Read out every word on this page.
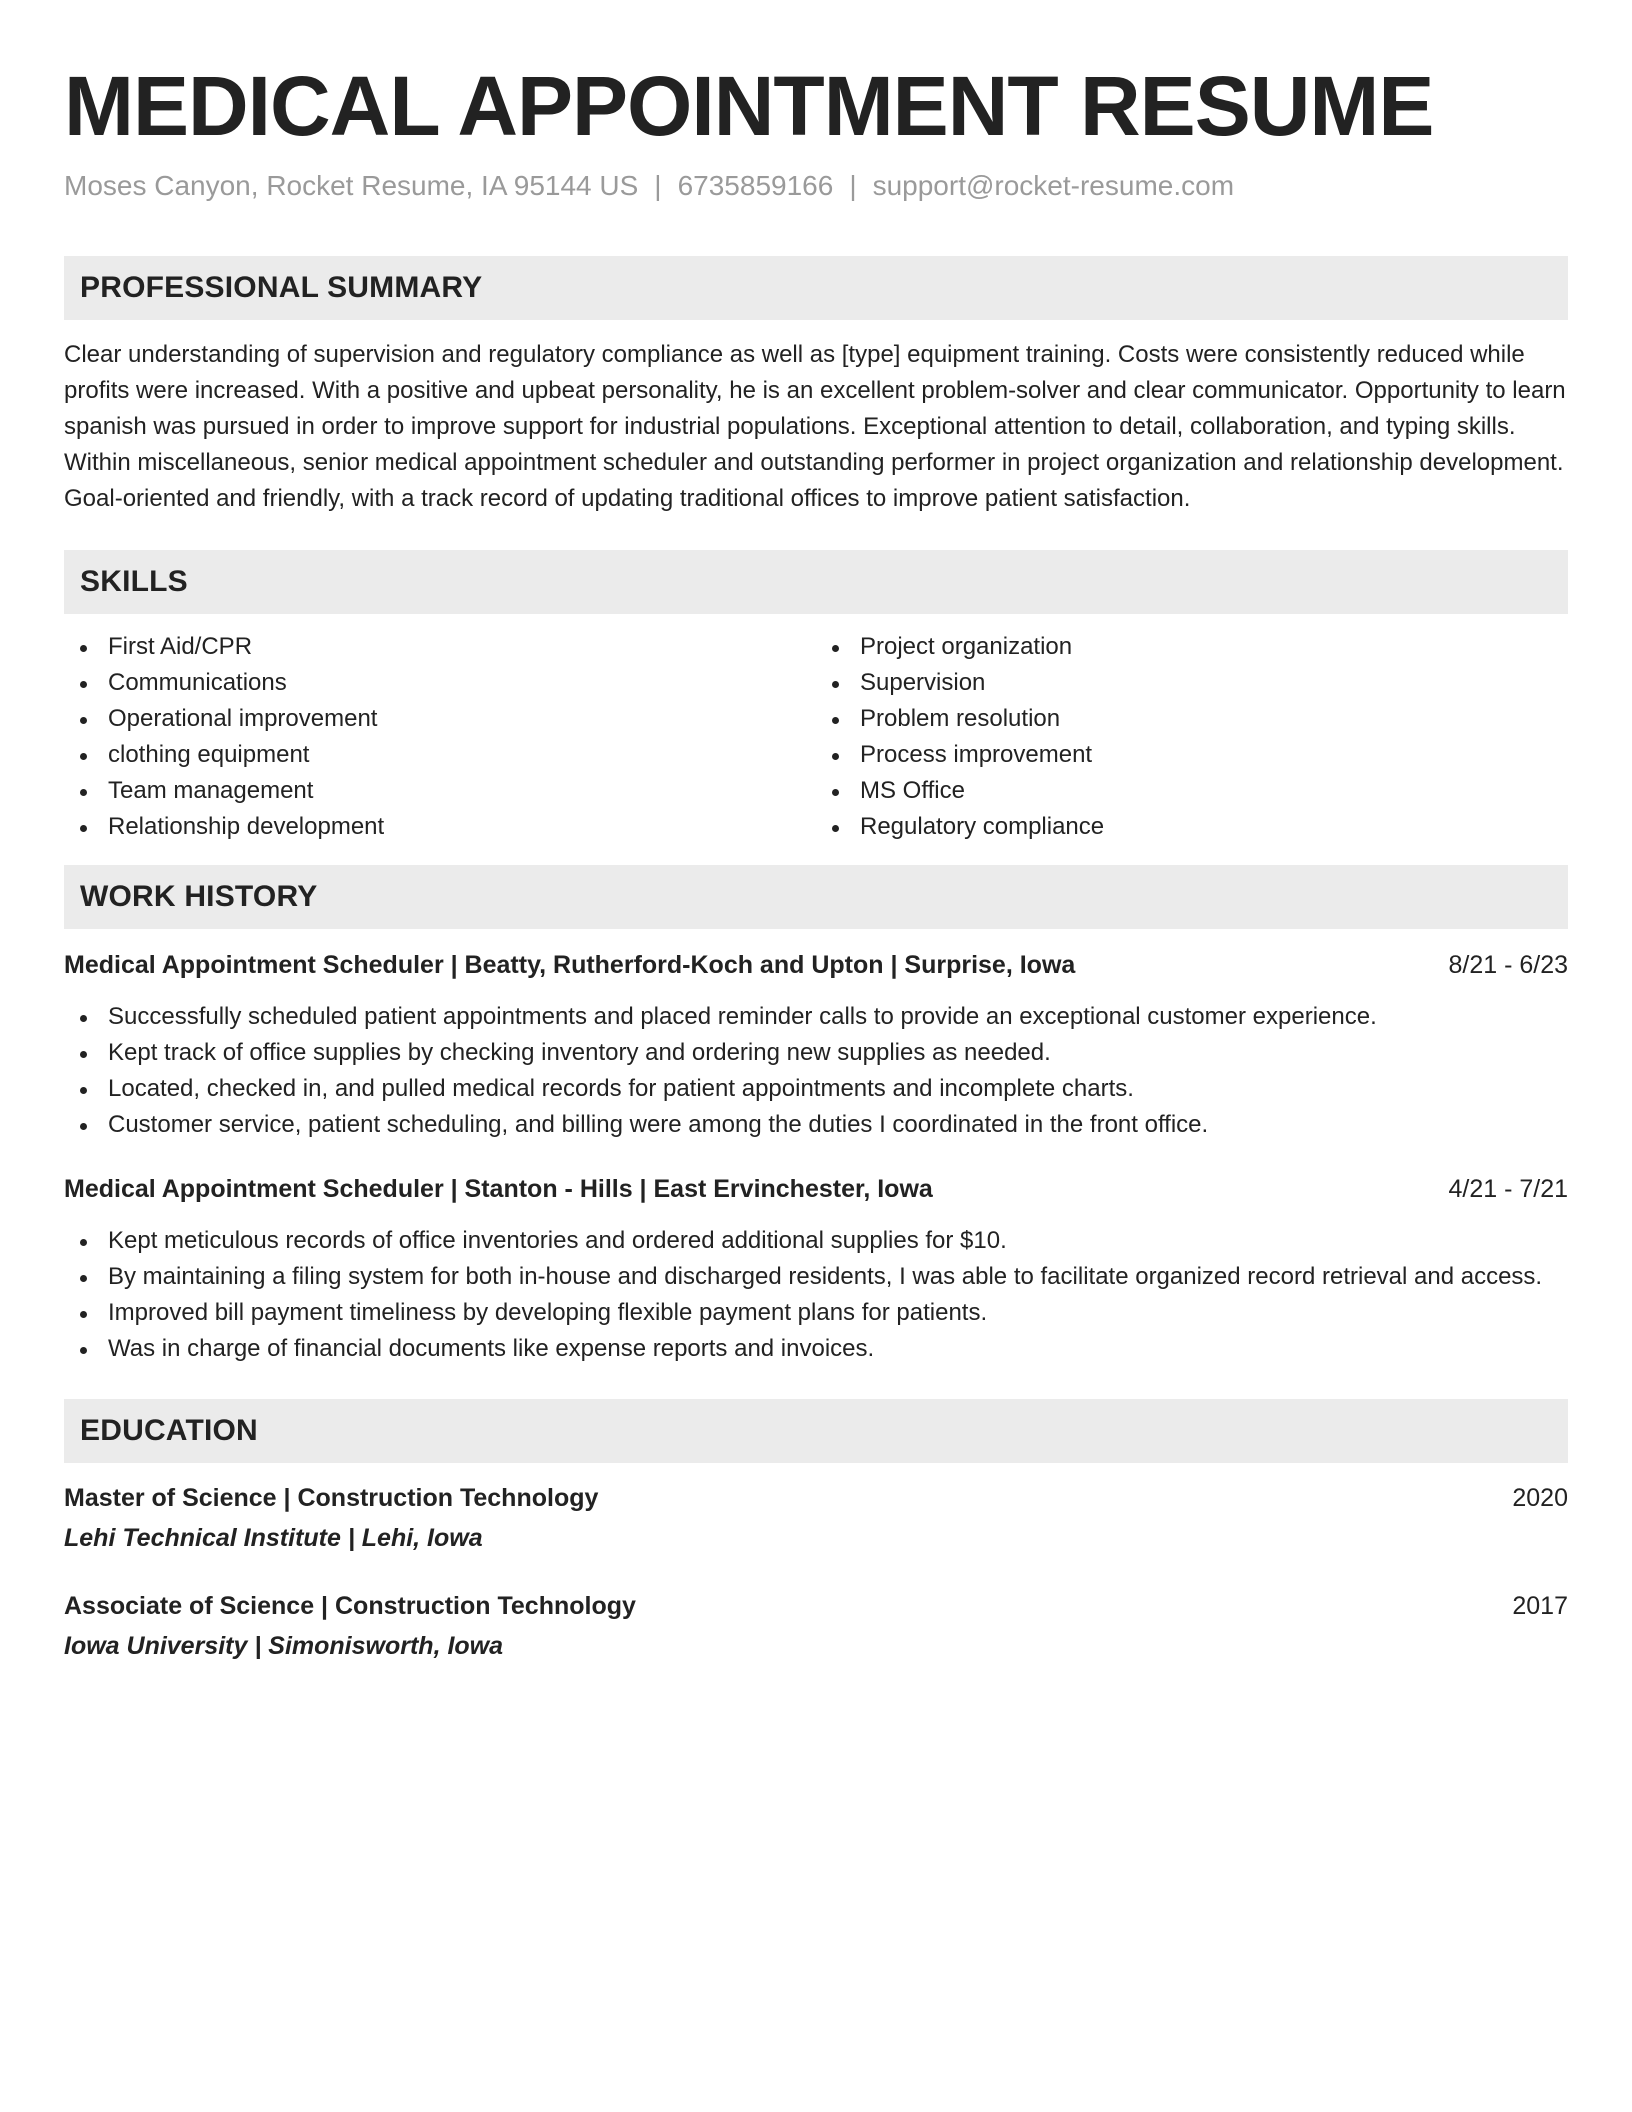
MEDICAL APPOINTMENT RESUME
Moses Canyon, Rocket Resume, IA 95144 US | 6735859166 | support@rocket-resume.com
PROFESSIONAL SUMMARY

Clear understanding of supervision and regulatory compliance as well as [type] equipment training. Costs were consistently reduced while profits were increased. With a positive and upbeat personality, he is an excellent problem-solver and clear communicator. Opportunity to learn spanish was pursued in order to improve support for industrial populations. Exceptional attention to detail, collaboration, and typing skills. Within miscellaneous, senior medical appointment scheduler and outstanding performer in project organization and relationship development. Goal-oriented and friendly, with a track record of updating traditional offices to improve patient satisfaction.

SKILLS
First Aid/CPR
Communications
Operational improvement
clothing equipment
Team management
Relationship development
Project organization
Supervision
Problem resolution
Process improvement
MS Office
Regulatory compliance
WORK HISTORY
Medical Appointment Scheduler | Beatty, Rutherford-Koch and Upton | Surprise, Iowa	8/21 - 6/23
Successfully scheduled patient appointments and placed reminder calls to provide an exceptional customer experience.
Kept track of office supplies by checking inventory and ordering new supplies as needed.
Located, checked in, and pulled medical records for patient appointments and incomplete charts.
Customer service, patient scheduling, and billing were among the duties I coordinated in the front office.
Medical Appointment Scheduler | Stanton - Hills | East Ervinchester, Iowa	4/21 - 7/21
Kept meticulous records of office inventories and ordered additional supplies for $10.
By maintaining a filing system for both in-house and discharged residents, I was able to facilitate organized record retrieval and access.
Improved bill payment timeliness by developing flexible payment plans for patients.
Was in charge of financial documents like expense reports and invoices.
EDUCATION
Master of Science | Construction Technology	2020
Lehi Technical Institute | Lehi, Iowa
Associate of Science | Construction Technology	2017
Iowa University | Simonisworth, Iowa
